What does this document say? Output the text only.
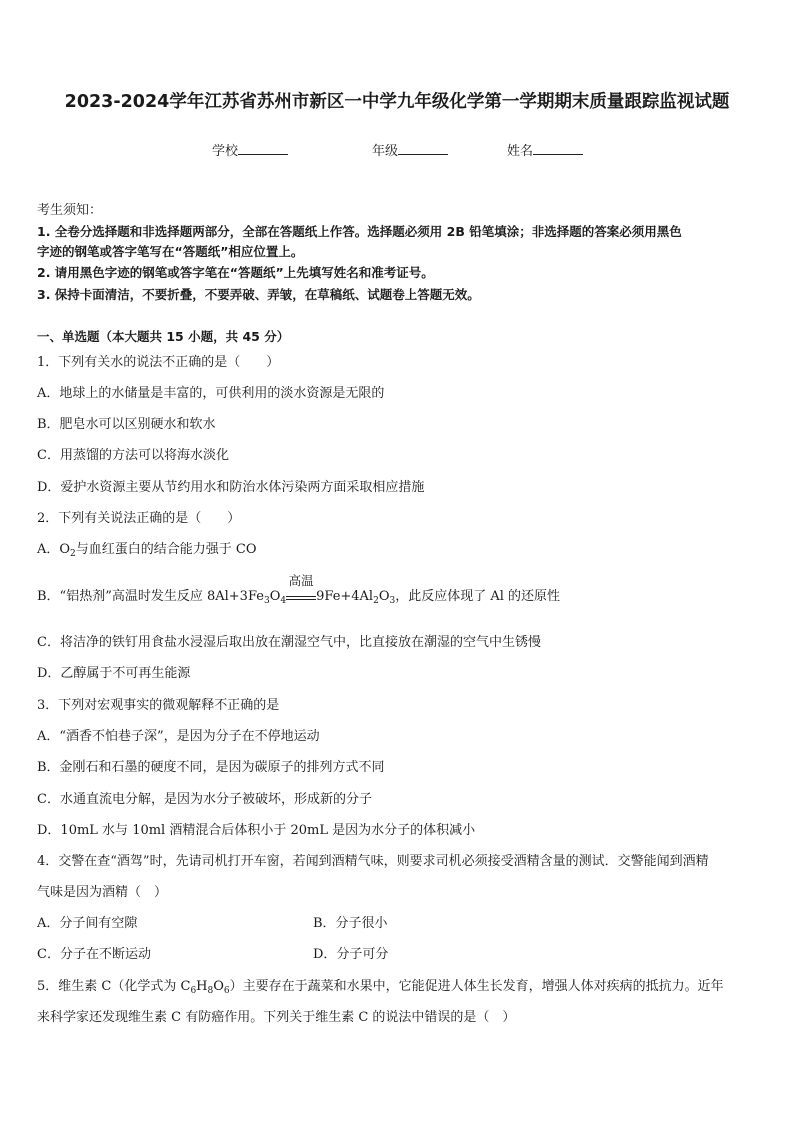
2023-2024学年江苏省苏州市新区一中学九年级化学第一学期期末质量跟踪监视试题
学校	年级	姓名
考生须知：
1. 全卷分选择题和非选择题两部分，全部在答题纸上作答。选择题必须用 2B 铅笔填涂；非选择题的答案必须用黑色
字迹的钢笔或答字笔写在“答题纸”相应位置上。
2. 请用黑色字迹的钢笔或答字笔在“答题纸”上先填写姓名和准考证号。
3. 保持卡面清洁，不要折叠，不要弄破、弄皱，在草稿纸、试题卷上答题无效。
一、单选题（本大题共 15 小题，共 45 分）
1．下列有关水的说法不正确的是（　　）
A．地球上的水储量是丰富的，可供利用的淡水资源是无限的
B．肥皂水可以区别硬水和软水
C．用蒸馏的方法可以将海水淡化
D．爱护水资源主要从节约用水和防治水体污染两方面采取相应措施
2．下列有关说法正确的是（　　）
A．$O_2$与血红蛋白的结合能力强于 CO
B．“铝热剂”高温时发生反应 $8Al+3Fe_3O_4$
高温
$9Fe+4Al_2O_3$，此反应体现了 Al 的还原性
C．将洁净的铁钉用食盐水浸湿后取出放在潮湿空气中，比直接放在潮湿的空气中生锈慢
D．乙醇属于不可再生能源
3．下列对宏观事实的微观解释不正确的是
A．“酒香不怕巷子深”，是因为分子在不停地运动
B．金刚石和石墨的硬度不同，是因为碳原子的排列方式不同
C．水通直流电分解，是因为水分子被破坏，形成新的分子
D．10mL 水与 10ml 酒精混合后体积小于 20mL 是因为水分子的体积减小
4．交警在查“酒驾”时，先请司机打开车窗，若闻到酒精气味，则要求司机必须接受酒精含量的测试．交警能闻到酒精
气味是因为酒精（　）
A．分子间有空隙	B．分子很小
C．分子在不断运动	D．分子可分
5．维生素 C（化学式为 $C_6H_8O_6$）主要存在于蔬菜和水果中，它能促进人体生长发育，增强人体对疾病的抵抗力。近年
来科学家还发现维生素 C 有防癌作用。下列关于维生素 C 的说法中错误的是（　）
